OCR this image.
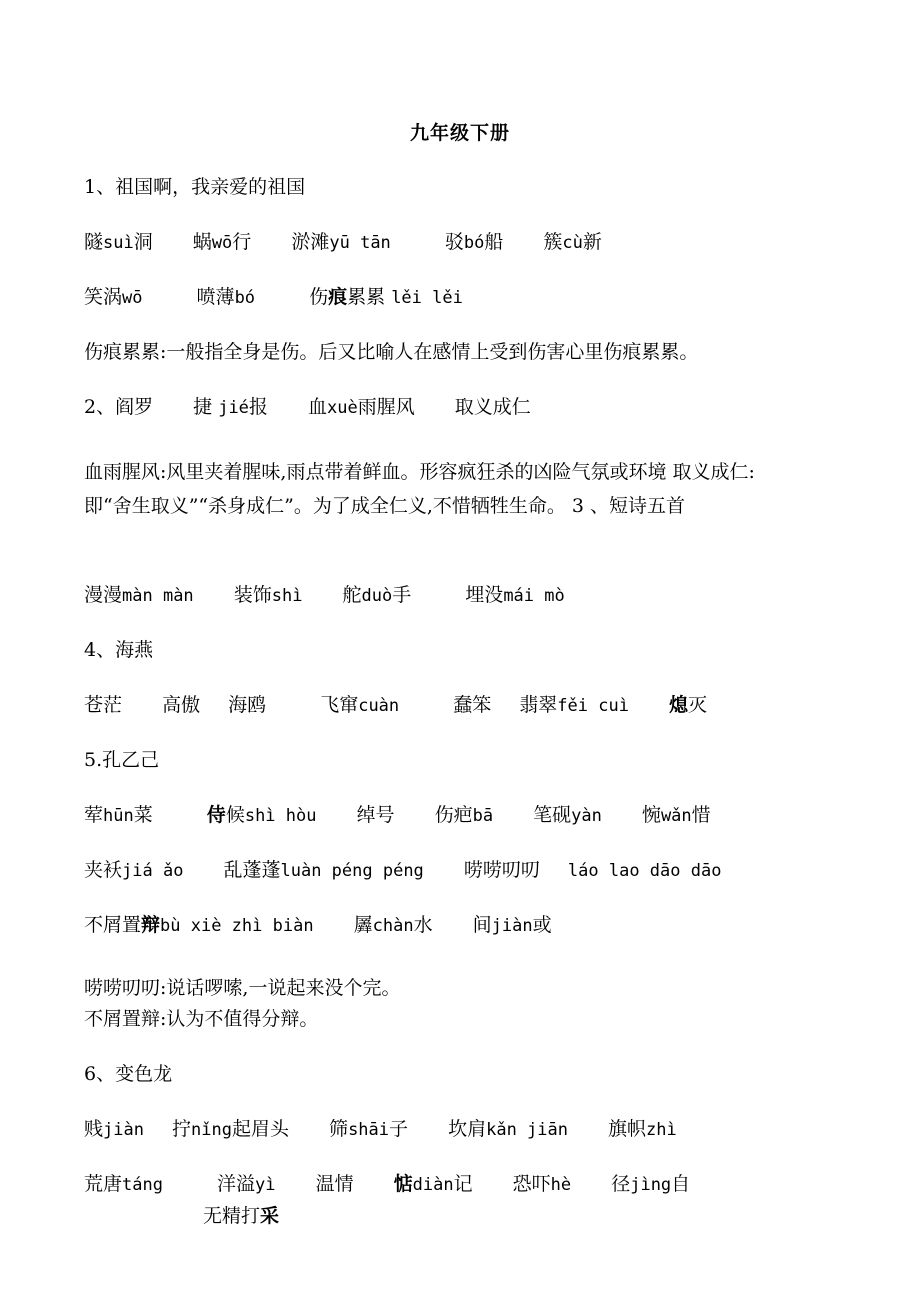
九年级下册
1、祖国啊，我亲爱的祖国
隧suì洞 蜗wō行 淤滩yū tān	驳bó船 簇cù新
笑涡wō	喷薄bó	伤痕累累 lěi lěi
伤痕累累:一般指全身是伤。后又比喻人在感情上受到伤害心里伤痕累累。
2、阎罗 捷 jié报 血xuè雨腥风 取义成仁
血雨腥风:风里夹着腥味,雨点带着鲜血。形容疯狂杀的凶险气氛或环境 取义成仁:即“舍生取义”“杀身成仁”。为了成全仁义,不惜牺牲生命。 3 、短诗五首
漫漫màn màn 装饰shì 舵duò手	埋没mái mò
4、海燕
苍茫 高傲 海鸥	飞窜cuàn	蠢笨 翡翠fěi cuì 熄灭
5.孔乙己
荤hūn菜	侍候shì hòu 绰号 伤疤bā 笔砚yàn 惋wǎn惜
夹袄jiá ǎo 乱蓬蓬luàn péng péng 唠唠叨叨 láo lao dāo dāo
不屑置辩bù xiè zhì biàn 羼chàn水 间jiàn或
唠唠叨叨:说话啰嗦,一说起来没个完。
不屑置辩:认为不值得分辩。
6、变色龙
贱jiàn 拧nǐng起眉头 筛shāi子 坎肩kǎn jiān 旗帜zhì
荒唐táng	洋溢yì 温情 惦diàn记 恐吓hè 径jìng自
无精打采
